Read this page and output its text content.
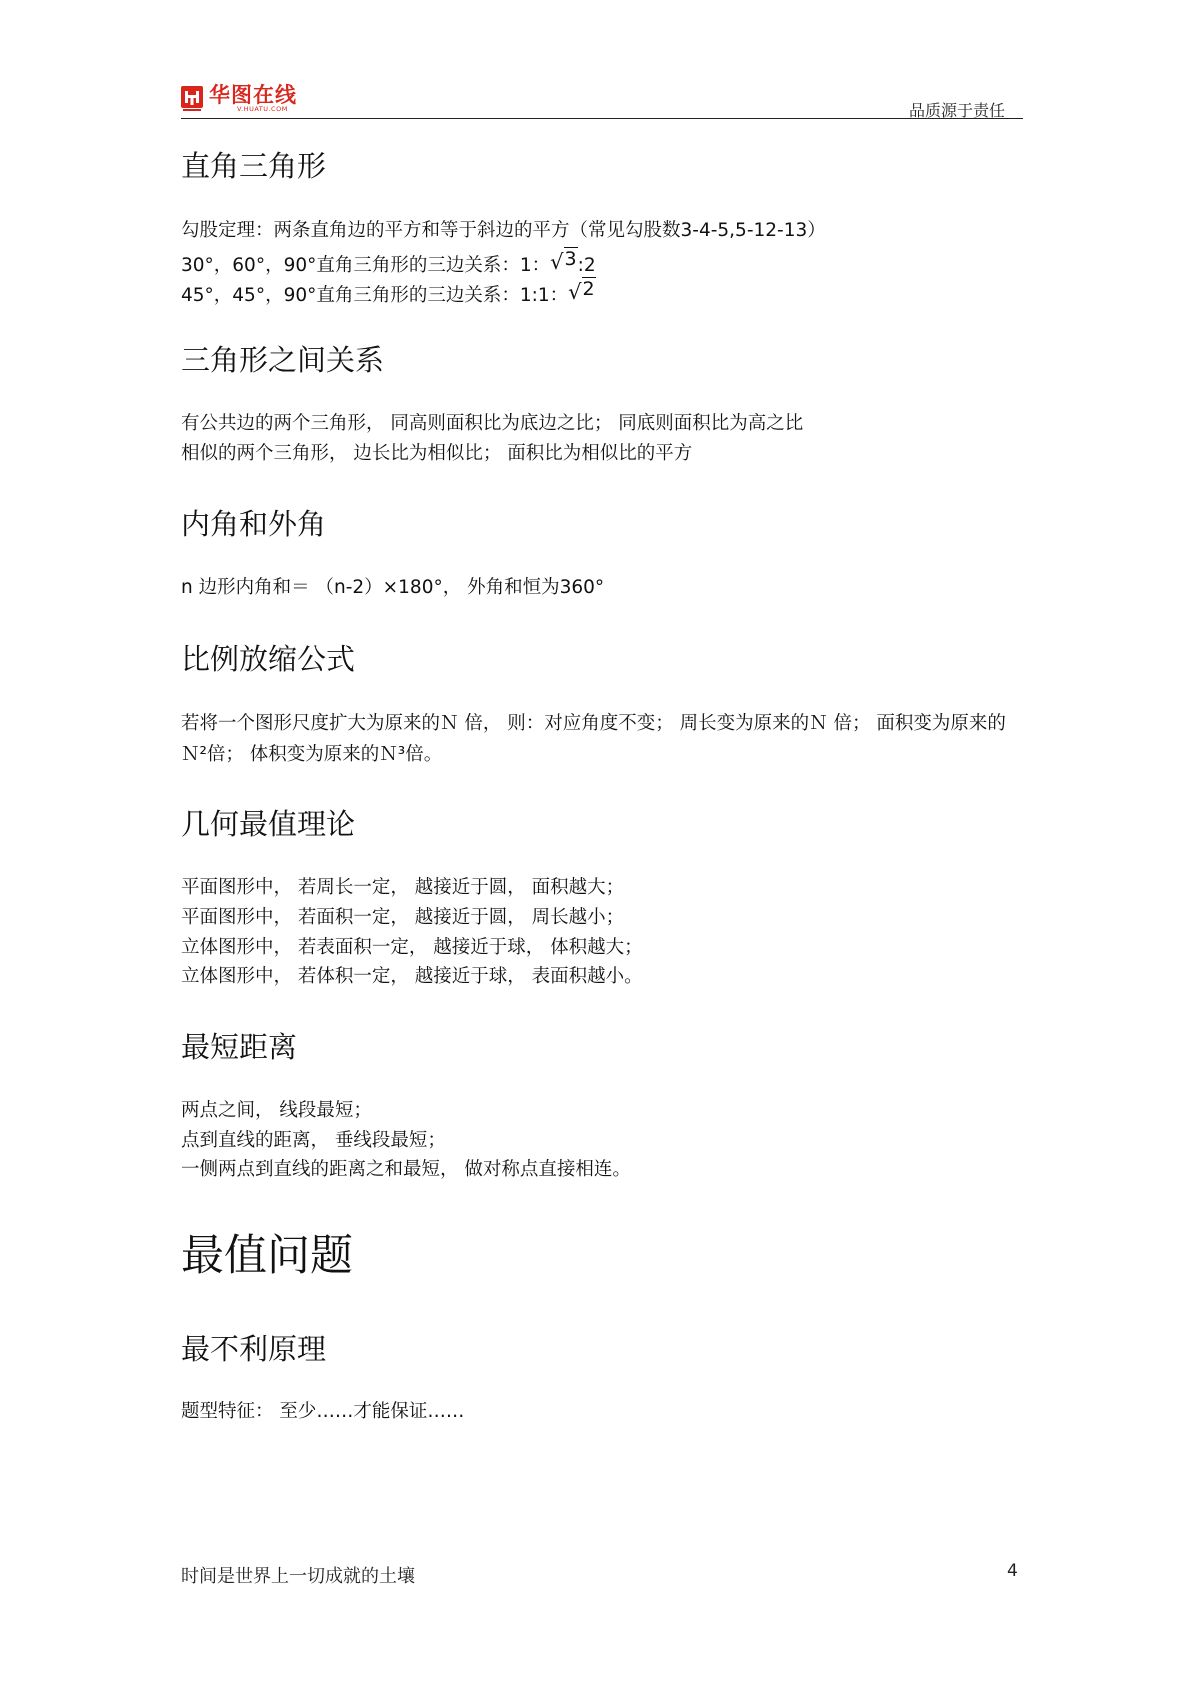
华图在线
V.HUATU.COM	品质源于责任
直角三角形
勾股定理：两条直角边的平方和等于斜边的平方（常见勾股数3-4-5,5-12-13）
30°，60°，90°直角三角形的三边关系：1：√3:2
45°，45°，90°直角三角形的三边关系：1:1：√2
三角形之间关系
有公共边的两个三角形， 同高则面积比为底边之比； 同底则面积比为高之比
相似的两个三角形， 边长比为相似比； 面积比为相似比的平方
内角和外角
n 边形内角和＝ （n-2）×180°， 外角和恒为360°
比例放缩公式
若将一个图形尺度扩大为原来的Ｎ 倍， 则：对应角度不变； 周长变为原来的Ｎ 倍； 面积变为原来的Ｎ²倍； 体积变为原来的Ｎ³倍。
几何最值理论
平面图形中， 若周长一定， 越接近于圆， 面积越大；
平面图形中， 若面积一定， 越接近于圆， 周长越小；
立体图形中， 若表面积一定， 越接近于球， 体积越大；
立体图形中， 若体积一定， 越接近于球， 表面积越小。
最短距离
两点之间， 线段最短；
点到直线的距离， 垂线段最短；
一侧两点到直线的距离之和最短， 做对称点直接相连。
最值问题
最不利原理
题型特征： 至少……才能保证……
时间是世界上一切成就的土壤	4
